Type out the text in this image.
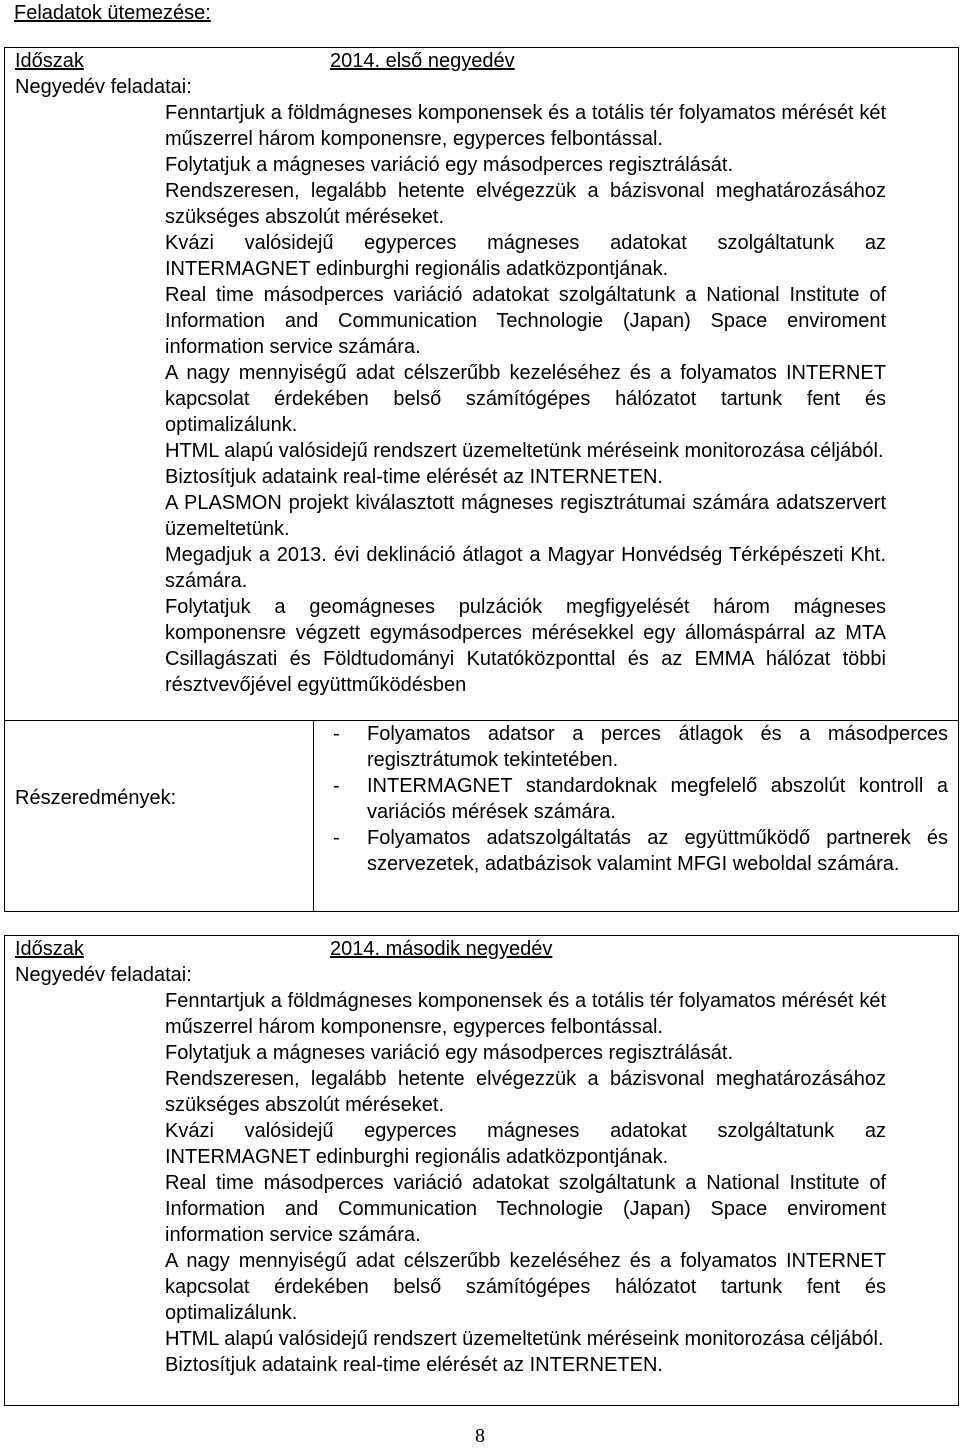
Feladatok ütemezése:
Időszak	2014. első negyedév
Negyedév feladatai:

Fenntartjuk a földmágneses komponensek és a totális tér folyamatos mérését két műszerrel három komponensre, egyperces felbontással.

Folytatjuk a mágneses variáció egy másodperces regisztrálását.

Rendszeresen, legalább hetente elvégezzük a bázisvonal meghatározásához szükséges abszolút méréseket.

Kvázi valósidejű egyperces mágneses adatokat szolgáltatunk az INTERMAGNET edinburghi regionális adatközpontjának.

Real time másodperces variáció adatokat szolgáltatunk a National Institute of Information and Communication Technologie (Japan) Space enviroment information service számára.

A nagy mennyiségű adat célszerűbb kezeléséhez és a folyamatos INTERNET kapcsolat érdekében belső számítógépes hálózatot tartunk fent és optimalizálunk.

HTML alapú valósidejű rendszert üzemeltetünk méréseink monitorozása céljából.

Biztosítjuk adataink real-time elérését az INTERNETEN.

A PLASMON projekt kiválasztott mágneses regisztrátumai számára adatszervert üzemeltetünk.

Megadjuk a 2013. évi deklináció átlagot a Magyar Honvédség Térképészeti Kht. számára.

Folytatjuk a geomágneses pulzációk megfigyelését három mágneses komponensre végzett egymásodperces mérésekkel egy állomáspárral az MTA Csillagászati és Földtudományi Kutatóközponttal és az EMMA hálózat többi résztvevőjével együttműködésben

Részeredmények:
-	Folyamatos adatsor a perces átlagok és a másodperces regisztrátumok tekintetében.
-	INTERMAGNET standardoknak megfelelő abszolút kontroll a variációs mérések számára.
-	Folyamatos adatszolgáltatás az együttműködő partnerek és szervezetek, adatbázisok valamint MFGI weboldal számára.
Időszak	2014. második negyedév
Negyedév feladatai:

Fenntartjuk a földmágneses komponensek és a totális tér folyamatos mérését két műszerrel három komponensre, egyperces felbontással.

Folytatjuk a mágneses variáció egy másodperces regisztrálását.

Rendszeresen, legalább hetente elvégezzük a bázisvonal meghatározásához szükséges abszolút méréseket.

Kvázi valósidejű egyperces mágneses adatokat szolgáltatunk az INTERMAGNET edinburghi regionális adatközpontjának.

Real time másodperces variáció adatokat szolgáltatunk a National Institute of Information and Communication Technologie (Japan) Space enviroment information service számára.

A nagy mennyiségű adat célszerűbb kezeléséhez és a folyamatos INTERNET kapcsolat érdekében belső számítógépes hálózatot tartunk fent és optimalizálunk.

HTML alapú valósidejű rendszert üzemeltetünk méréseink monitorozása céljából.

Biztosítjuk adataink real-time elérését az INTERNETEN.

8
